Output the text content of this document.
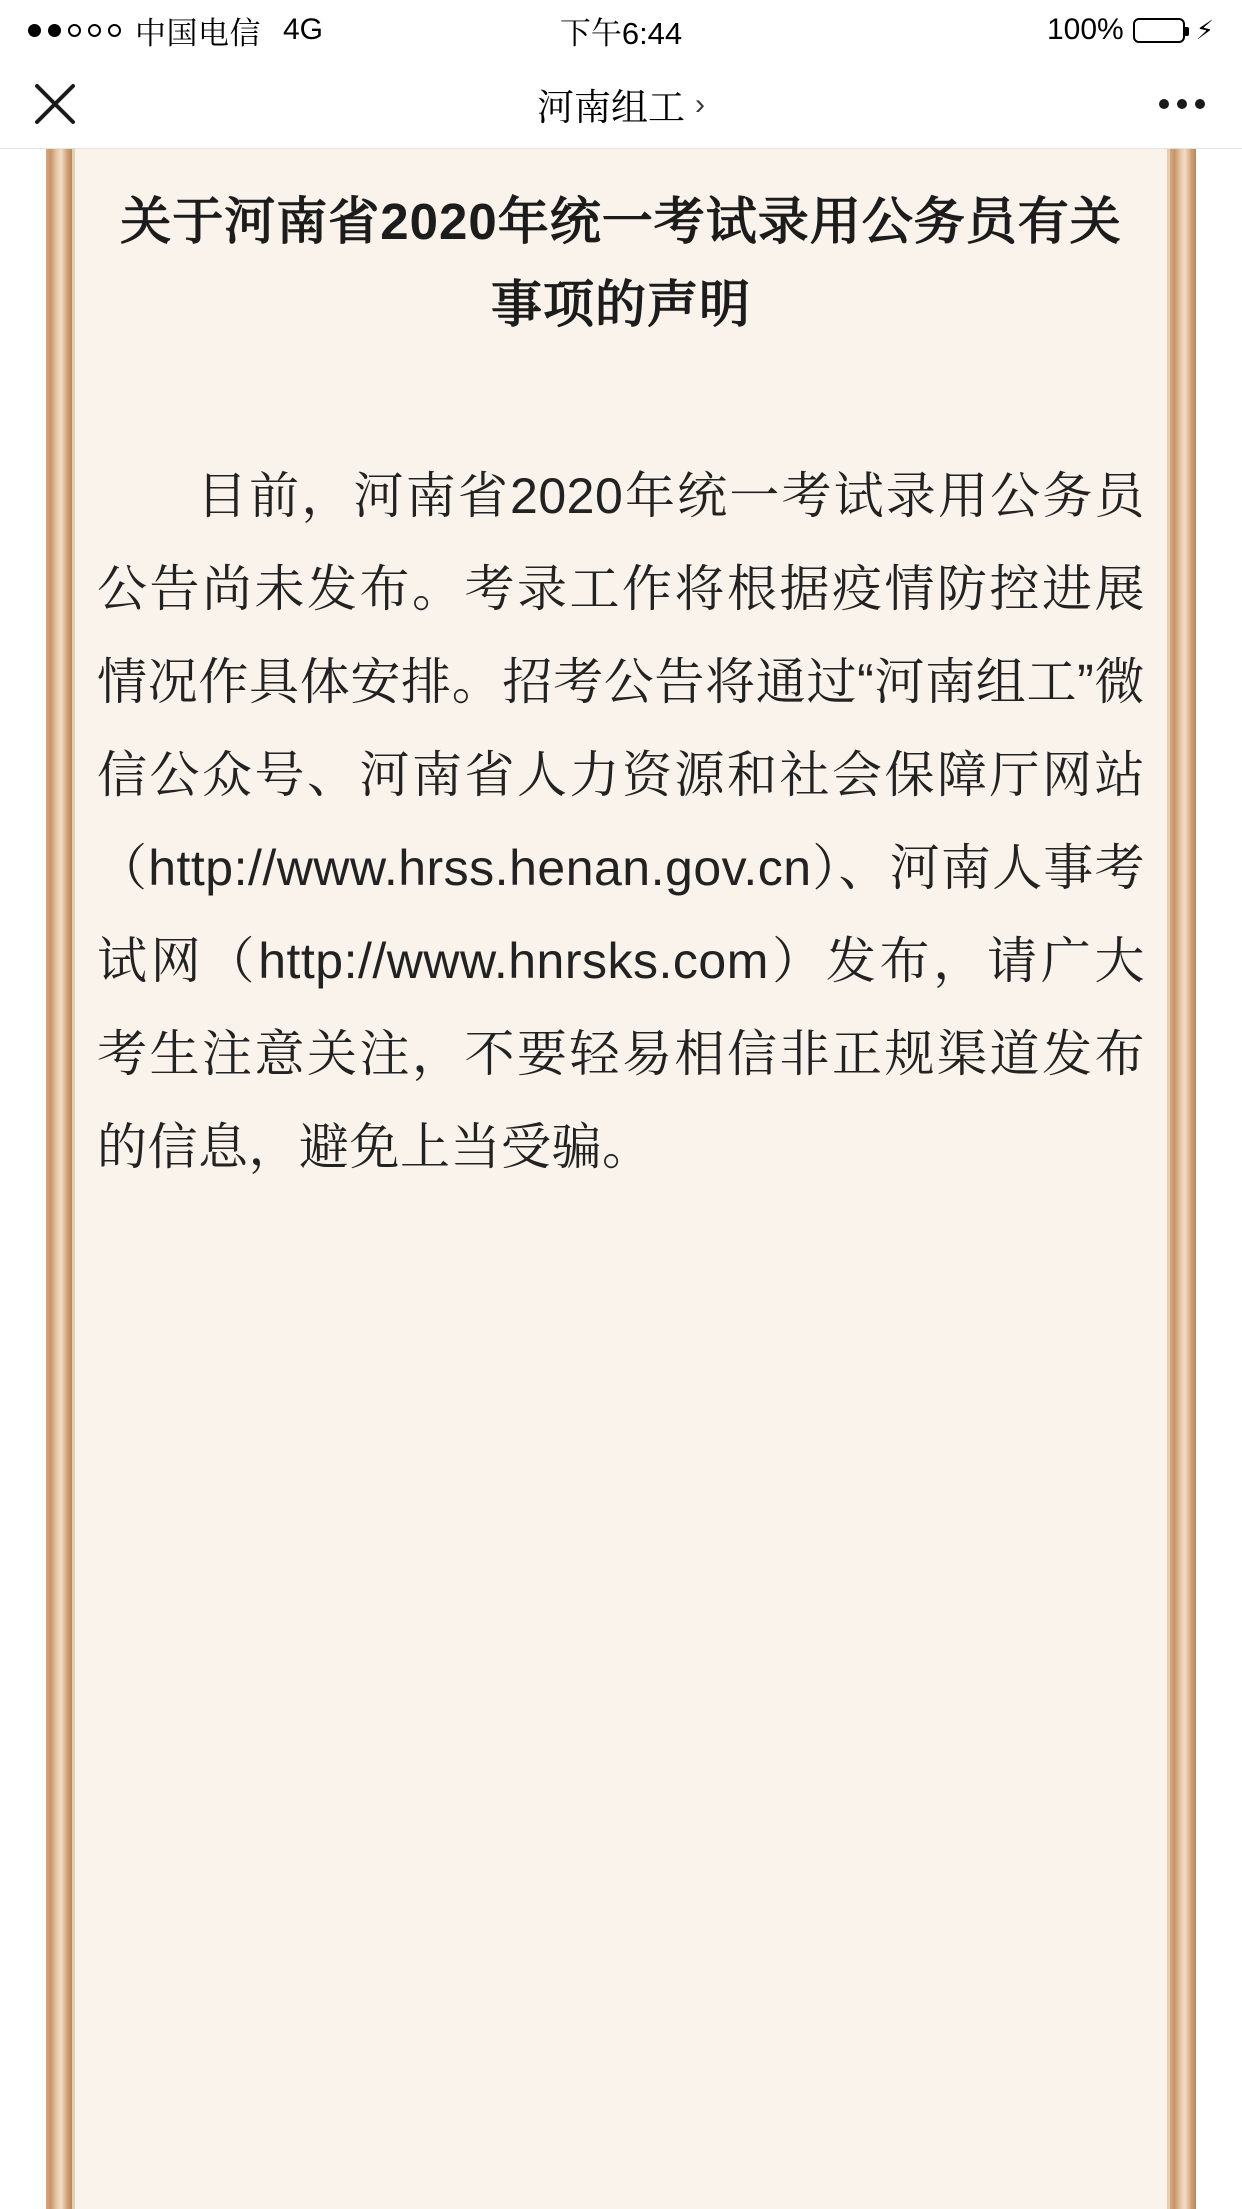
中国电信 4G	下午6:44	100%	⚡
河南组工 ›
关于河南省2020年统一考试录用公务员有关事项的声明

目前，河南省2020年统一考试录用公务员公告尚未发布。考录工作将根据疫情防控进展情况作具体安排。招考公告将通过“河南组工”微信公众号、河南省人力资源和社会保障厅网站（http://www.hrss.henan.gov.cn）、河南人事考试网（http://www.hnrsks.com）发布，请广大考生注意关注，不要轻易相信非正规渠道发布的信息，避免上当受骗。
